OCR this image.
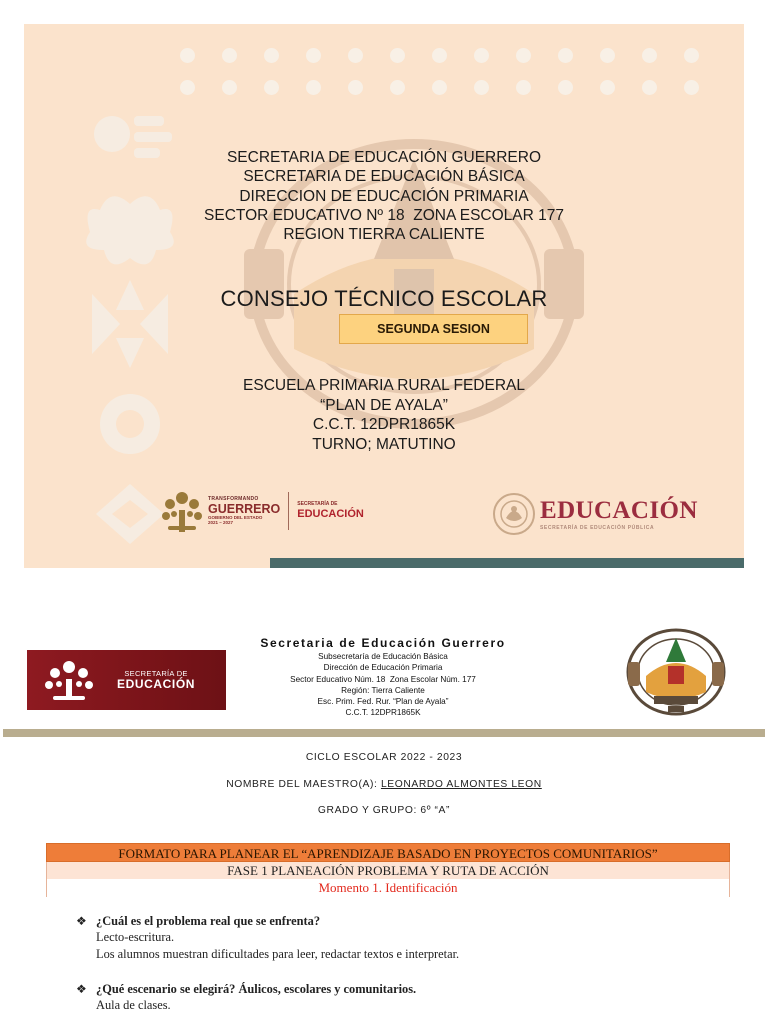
SECRETARIA DE EDUCACIÓN GUERRERO
SECRETARIA DE EDUCACIÓN BÁSICA
DIRECCION DE EDUCACIÓN PRIMARIA
SECTOR EDUCATIVO Nº 18  ZONA ESCOLAR 177
REGION TIERRA CALIENTE
CONSEJO TÉCNICO ESCOLAR
SEGUNDA SESION
ESCUELA PRIMARIA RURAL FEDERAL
“PLAN DE AYALA”
C.C.T. 12DPR1865K
TURNO; MATUTINO
TRANSFORMANDO
GUERRERO
GOBIERNO DEL ESTADO
2021 – 2027
SECRETARÍA DE
EDUCACIÓN	EDUCACIÓN
SECRETARÍA DE EDUCACIÓN PÚBLICA
SECRETARÍA DE
EDUCACIÓN
Secretaria de Educación Guerrero
Subsecretaría de Educación Básica
Dirección de Educación Primaria
Sector Educativo Núm. 18  Zona Escolar Núm. 177
Región: Tierra Caliente
Esc. Prim. Fed. Rur. “Plan de Ayala”
C.C.T. 12DPR1865K
CICLO ESCOLAR 2022 - 2023
NOMBRE DEL MAESTRO(A): LEONARDO ALMONTES LEON
GRADO Y GRUPO: 6º “A”
FORMATO PARA PLANEAR EL “APRENDIZAJE BASADO EN PROYECTOS COMUNITARIOS”
FASE 1 PLANEACIÓN PROBLEMA Y RUTA DE ACCIÓN
Momento 1. Identificación
❖ ¿Cuál es el problema real que se enfrenta?
Lecto-escritura.
Los alumnos muestran dificultades para leer, redactar textos e interpretar.
❖ ¿Qué escenario se elegirá? Áulicos, escolares y comunitarios.
Aula de clases.
